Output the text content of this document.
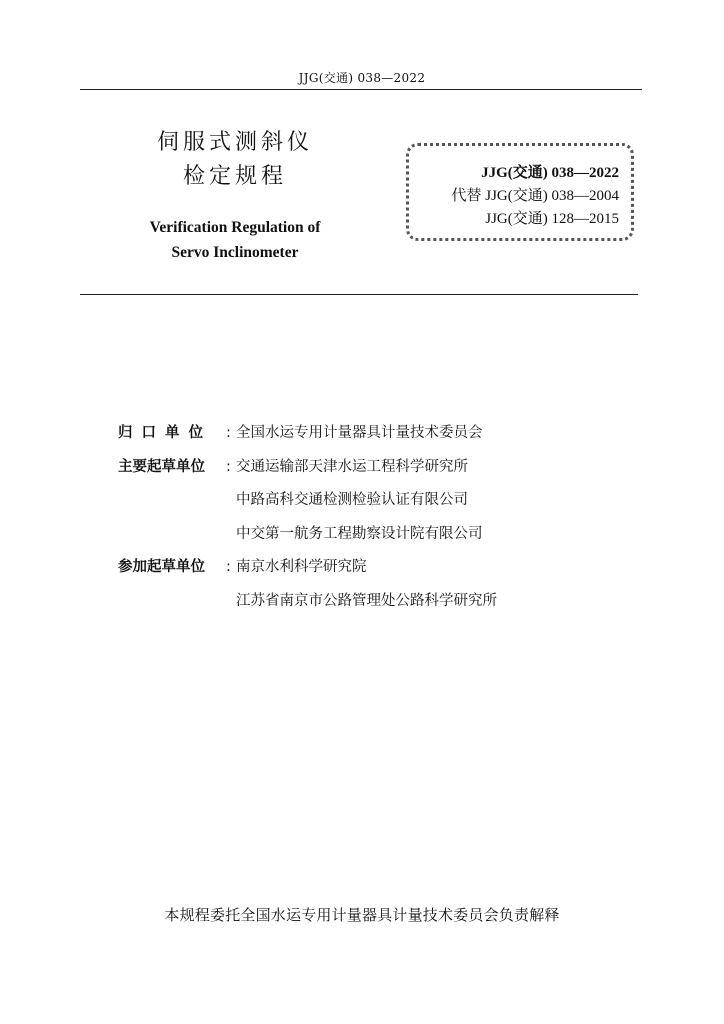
JJG(交通) 038—2022
伺服式测斜仪
检定规程
Verification Regulation of
Servo Inclinometer
JJG(交通) 038—2022
代替 JJG(交通) 038—2004
JJG(交通) 128—2015
归口单位 : 全国水运专用计量器具计量技术委员会
主要起草单位	: 交通运输部天津水运工程科学研究所
中路高科交通检测检验认证有限公司
中交第一航务工程勘察设计院有限公司
参加起草单位	: 南京水利科学研究院
江苏省南京市公路管理处公路科学研究所
本规程委托全国水运专用计量器具计量技术委员会负责解释
